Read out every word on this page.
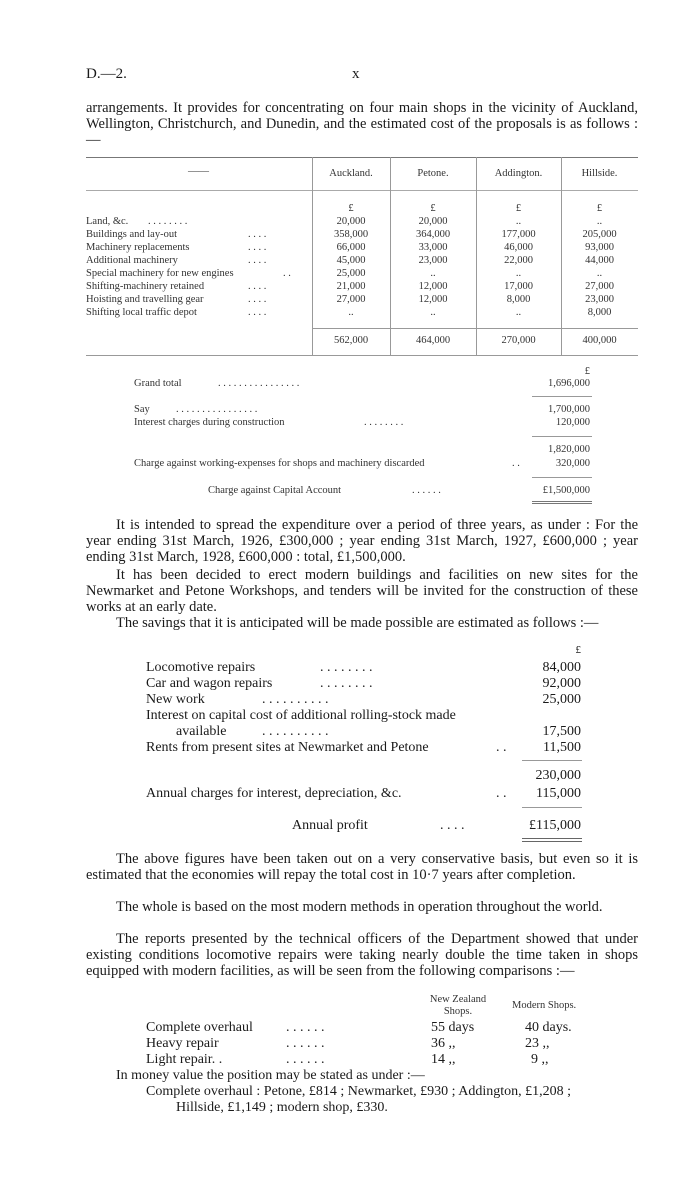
D.—2.	x
arrangements. It provides for concentrating on four main shops in the vicinity of Auckland, Wellington, Christchurch, and Dunedin, and the estimated cost of the proposals is as follows :—
——	Auckland.	Petone.	Addington.	Hillside.
£	£	£	£
Land, &c. . . . . . . . .	20,000	20,000	..	..
Buildings and lay-out	. . . .	358,000	364,000	177,000	205,000
Machinery replacements	. . . .	66,000	33,000	46,000	93,000
Additional machinery	. . . .	45,000	23,000	22,000	44,000
Special machinery for new engines	. .	25,000	..	..	..
Shifting-machinery retained	. . . .	21,000	12,000	17,000	27,000
Hoisting and travelling gear	. . . .	27,000	12,000	8,000	23,000
Shifting local traffic depot	. . . .	..	..	..	8,000
562,000	464,000	270,000	400,000
£
Grand total	. . . . . . . . . . . . . . . .	1,696,000
Say	. . . . . . . . . . . . . . . .	1,700,000
Interest charges during construction	. . . . . . . .	120,000
1,820,000
Charge against working-expenses for shops and machinery discarded	. .	320,000
Charge against Capital Account	. . . . . .	£1,500,000
It is intended to spread the expenditure over a period of three years, as under : For the year ending 31st March, 1926, £300,000 ; year ending 31st March, 1927, £600,000 ; year ending 31st March, 1928, £600,000 : total, £1,500,000.
It has been decided to erect modern buildings and facilities on new sites for the Newmarket and Petone Workshops, and tenders will be invited for the construction of these works at an early date.
The savings that it is anticipated will be made possible are estimated as follows :—
£
Locomotive repairs	. . . . . . . .	84,000
Car and wagon repairs	. . . . . . . .	92,000
New work	. . . . . . . . . .	25,000
Interest on capital cost of additional rolling-stock made
available	. . . . . . . . . .	17,500
Rents from present sites at Newmarket and Petone	. .	11,500
230,000
Annual charges for interest, depreciation, &c.	. .	115,000
Annual profit	. . . .	£115,000
The above figures have been taken out on a very conservative basis, but even so it is estimated that the economies will repay the total cost in 10·7 years after completion.
The whole is based on the most modern methods in operation throughout the world.
The reports presented by the technical officers of the Department showed that under existing conditions locomotive repairs were taking nearly double the time taken in shops equipped with modern facilities, as will be seen from the following comparisons :—
New Zealand
Shops.
Modern Shops.
Complete overhaul . . . . . .	55 days	40 days.
Heavy repair	. . . . . .	36 ,,	23 ,,
Light repair. .	. . . . . .	14 ,,	9 ,,
In money value the position may be stated as under :—
Complete overhaul : Petone, £814 ; Newmarket, £930 ; Addington, £1,208 ;
Hillside, £1,149 ; modern shop, £330.
